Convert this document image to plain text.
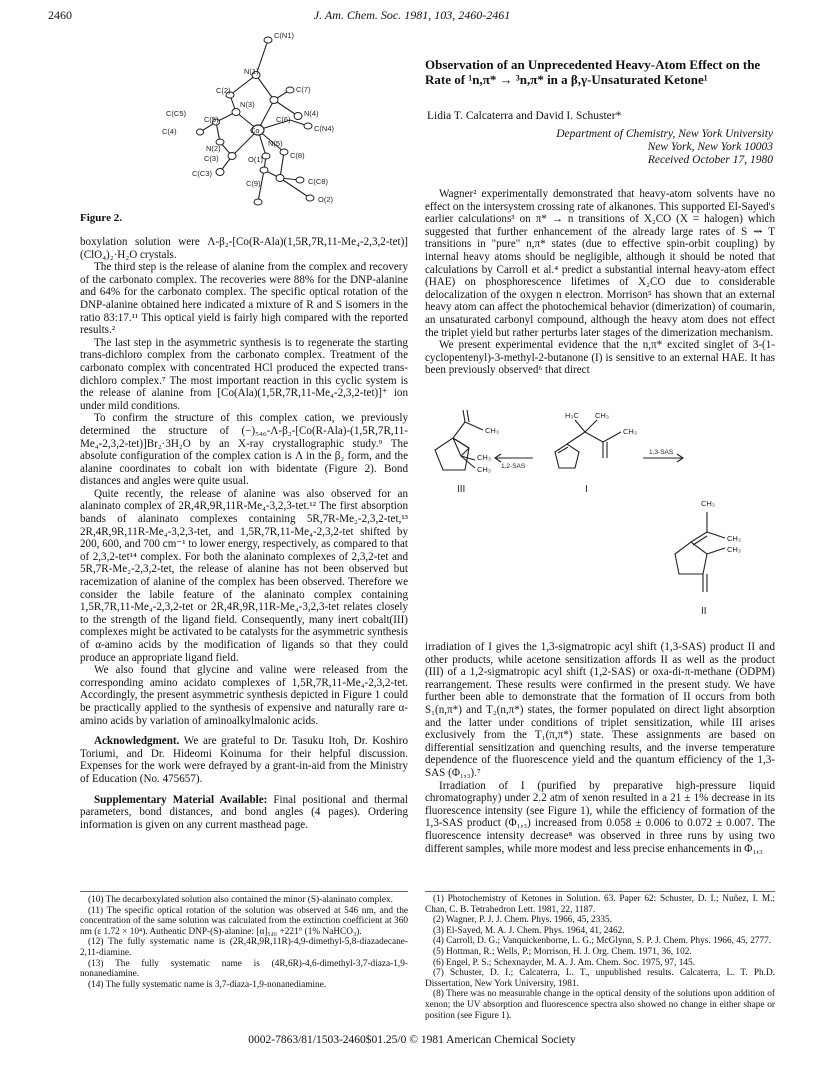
2460	J. Am. Chem. Soc. 1981, 103, 2460-2461
C(N1)
N(1)
C(2)	C(7)
C(C5)
N(3)
C(5)	C(6)
N(4)
C(4)	Co	C(N4)
N(2)
N(5)
C(3)	O(1)	C(8)
C(C3)
C(9)	C(C8)
O(2)
Figure 2.

boxylation solution were Λ-β₂-[Co(R-Ala)(1,5R,7R,11-Me₄-2,3,2-tet)](ClO₄)₂·H₂O crystals.

The third step is the release of alanine from the complex and recovery of the carbonato complex. The recoveries were 88% for the DNP-alanine and 64% for the carbonato complex. The specific optical rotation of the DNP-alanine obtained here indicated a mixture of R and S isomers in the ratio 83:17.¹¹ This optical yield is fairly high compared with the reported results.²

The last step in the asymmetric synthesis is to regenerate the starting trans-dichloro complex from the carbonato complex. Treatment of the carbonato complex with concentrated HCl produced the expected trans-dichloro complex.⁷ The most important reaction in this cyclic system is the release of alanine from [Co(Ala)(1,5R,7R,11-Me₄-2,3,2-tet)]⁺ ion under mild conditions.

To confirm the structure of this complex cation, we previously determined the structure of (−)₅₄₆-Λ-β₂-[Co(R-Ala)-(1,5R,7R,11-Me₄-2,3,2-tet)]Br₂·3H₂O by an X-ray crystallographic study.⁹ The absolute configuration of the complex cation is Λ in the β₂ form, and the alanine coordinates to cobalt ion with bidentate (Figure 2). Bond distances and angles were quite usual.

Quite recently, the release of alanine was also observed for an alaninato complex of 2R,4R,9R,11R-Me₄-3,2,3-tet.¹² The first absorption bands of alaninato complexes containing 5R,7R-Me₂-2,3,2-tet,¹³ 2R,4R,9R,11R-Me₄-3,2,3-tet, and 1,5R,7R,11-Me₄-2,3,2-tet shifted by 200, 600, and 700 cm⁻¹ to lower energy, respectively, as compared to that of 2,3,2-tet¹⁴ complex. For both the alaninato complexes of 2,3,2-tet and 5R,7R-Me₂-2,3,2-tet, the release of alanine has not been observed but racemization of alanine of the complex has been observed. Therefore we consider the labile feature of the alaninato complex containing 1,5R,7R,11-Me₄-2,3,2-tet or 2R,4R,9R,11R-Me₄-3,2,3-tet relates closely to the strength of the ligand field. Consequently, many inert cobalt(III) complexes might be activated to be catalysts for the asymmetric synthesis of α-amino acids by the modification of ligands so that they could produce an appropriate ligand field.

We also found that glycine and valine were released from the corresponding amino acidato complexes of 1,5R,7R,11-Me₄-2,3,2-tet. Accordingly, the present asymmetric synthesis depicted in Figure 1 could be practically applied to the synthesis of expensive and naturally rare α-amino acids by variation of aminoalkylmalonic acids.

Acknowledgment. We are grateful to Dr. Tasuku Itoh, Dr. Koshiro Toriumi, and Dr. Hideomi Koinuma for their helpful discussion. Expenses for the work were defrayed by a grant-in-aid from the Ministry of Education (No. 475657).

Supplementary Material Available: Final positional and thermal parameters, bond distances, and bond angles (4 pages). Ordering information is given on any current masthead page.

(10) The decarboxylated solution also contained the minor (S)-alaninato complex.

(11) The specific optical rotation of the solution was observed at 546 nm, and the concentration of the same solution was calculated from the extinction coefficient at 360 nm (ε 1.72 × 10⁴). Authentic DNP-(S)-alanine: [α]₅₄₆ +221° (1% NaHCO₃).

(12) The fully systematic name is (2R,4R,9R,11R)-4,9-dimethyl-5,8-diazadecane-2,11-diamine.

(13) The fully systematic name is (4R,6R)-4,6-dimethyl-3,7-diaza-1,9-nonanediamine.

(14) The fully systematic name is 3,7-diaza-1,9-nonanediamine.

Observation of an Unprecedented Heavy-Atom Effect on the Rate of ¹n,π* → ³n,π* in a β,γ-Unsaturated Ketone¹
Lidia T. Calcaterra and David I. Schuster*
Department of Chemistry, New York University
New York, New York 10003
Received October 17, 1980

Wagner² experimentally demonstrated that heavy-atom solvents have no effect on the intersystem crossing rate of alkanones. This supported El-Sayed's earlier calculations³ on π* → n transitions of X₂CO (X = halogen) which suggested that further enhancement of the already large rates of S ⇝ T transitions in "pure" n,π* states (due to effective spin-orbit coupling) by internal heavy atoms should be negligible, although it should be noted that calculations by Carroll et al.⁴ predict a substantial internal heavy-atom effect (HAE) on phosphorescence lifetimes of X₂CO due to considerable delocalization of the oxygen n electron. Morrison⁵ has shown that an external heavy atom can affect the photochemical behavior (dimerization) of coumarin, an unsaturated carbonyl compound, although the heavy atom does not effect the triplet yield but rather perturbs later stages of the dimerization mechanism.

We present experimental evidence that the n,π* excited singlet of 3-(1-cyclopentenyl)-3-methyl-2-butanone (I) is sensitive to an external HAE. It has been previously observed⁶ that direct

CH₃
CH₃
CH₃
H₃C CH₃
CH₃
CH₃
CH₃
CH₃
1,2-SAS
1,3-SAS
III	I
II

irradiation of I gives the 1,3-sigmatropic acyl shift (1,3-SAS) product II and other products, while acetone sensitization affords II as well as the product (III) of a 1,2-sigmatropic acyl shift (1,2-SAS) or oxa-di-π-methane (ODPM) rearrangement. These results were confirmed in the present study. We have further been able to demonstrate that the formation of II occurs from both S₁(n,π*) and T₂(n,π*) states, the former populated on direct light absorption and the latter under conditions of triplet sensitization, while III arises exclusively from the T₁(π,π*) state. These assignments are based on differential sensitization and quenching results, and the inverse temperature dependence of the fluorescence yield and the quantum efficiency of the 1,3-SAS (Φ₁,₃).⁷

Irradiation of I (purified by preparative high-pressure liquid chromatography) under 2.2 atm of xenon resulted in a 21 ± 1% decrease in its fluorescence intensity (see Figure 1), while the efficiency of formation of the 1,3-SAS product (Φ₁,₃) increased from 0.058 ± 0.006 to 0.072 ± 0.007. The fluorescence intensity decrease⁸ was observed in three runs by using two different samples, while more modest and less precise enhancements in Φ₁,₃

(1) Photochemistry of Ketones in Solution. 63. Paper 62: Schuster, D. I.; Nuñez, I. M.; Chan, C. B. Tetrahedron Lett. 1981, 22, 1187.

(2) Wagner, P. J. J. Chem. Phys. 1966, 45, 2335.

(3) El-Sayed, M. A. J. Chem. Phys. 1964, 41, 2462.

(4) Carroll, D. G.; Vanquickenborne, L. G.; McGlynn, S. P. J. Chem. Phys. 1966, 45, 2777.

(5) Hottman, R.; Wells, P.; Morrison, H. J. Org. Chem. 1971, 36, 102.

(6) Engel, P. S.; Schexnayder, M. A. J. Am. Chem. Soc. 1975, 97, 145.

(7) Schuster, D. I.; Calcaterra, L. T., unpublished results. Calcaterra, L. T. Ph.D. Dissertation, New York University, 1981.

(8) There was no measurable change in the optical density of the solutions upon addition of xenon; the UV absorption and fluorescence spectra also showed no change in either shape or position (see Figure 1).

0002-7863/81/1503-2460$01.25/0 © 1981 American Chemical Society
